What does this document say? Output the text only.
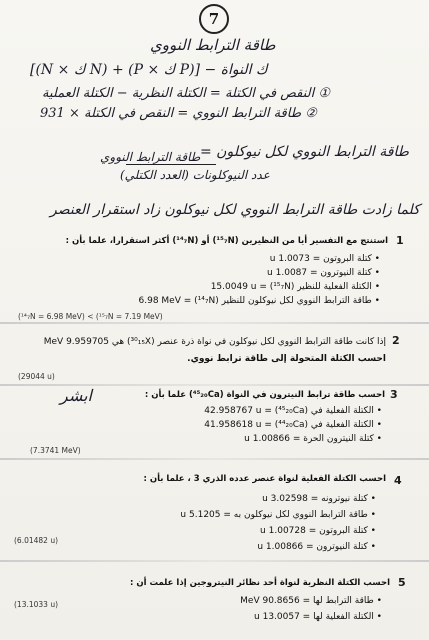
7
طاقة الترابط النووي
[(N × ك N) + (P × ك P)] − ك النواة
① النقص في الكتلة = الكتلة النظرية − الكتلة العملية
② طاقة الترابط النووي = النقص في الكتلة × 931
طاقة الترابط النووي لكل نيوكلون =
طاقة الترابط النووي
عدد النيوكلونات (العدد الكتلي)
كلما زادت طاقة الترابط النووي لكل نيوكلون زاد استقرار العنصر
1
استنتج مع التفسير أيا من النظيرين (¹⁵₇N) أو (¹⁴₇N) أكثر استقرارا، علما بأن :
• كتلة البروتون = 1.0073 u
• كتلة النيوترون = 1.0087 u
• الكتلة الفعلية للنظير (¹⁵₇N) = 15.0049 u
• طاقة الترابط النووي لكل نيوكلون للنظير (¹⁴₇N) = 6.98 MeV
(¹⁴₇N = 6.98 MeV) < (¹⁵₇N = 7.19 MeV)
2
إذا كانت طاقة الترابط النووي لكل نيوكلون في نواة ذرة عنصر (³⁰₁₅X) هي 9.959705 MeV
احسب الكتلة المتحولة إلى طاقة ترابط نووي.
(29044 u)
3
احسب طاقة ترابط النيترون في النواة (⁴⁵₂₀Ca) علما بأن :
• الكتلة الفعلية في (⁴⁵₂₀Ca) = 42.958767 u
• الكتلة الفعلية في (⁴⁴₂₀Ca) = 41.958618 u
• كتلة النيترون الحرة = 1.00866 u
ابشر
(7.3741 MeV)
4
احسب الكتلة الفعلية لنواة عنصر عدده الذري 3 ، علما بأن :
• كتلة نيوترونه = 3.02598 u
• طاقة الترابط النووي لكل نيوكلون به = 5.1205 u
• كتلة البروتون = 1.00728 u
• كتلة النيوترون = 1.00866 u
(6.01482 u)
5
احسب الكتلة النظرية لنواة أحد نظائر النيتروجين إذا علمت أن :
• طاقة الترابط لها = 90.8656 MeV
• الكتلة الفعلية لها = 13.0057 u
(13.1033 u)
